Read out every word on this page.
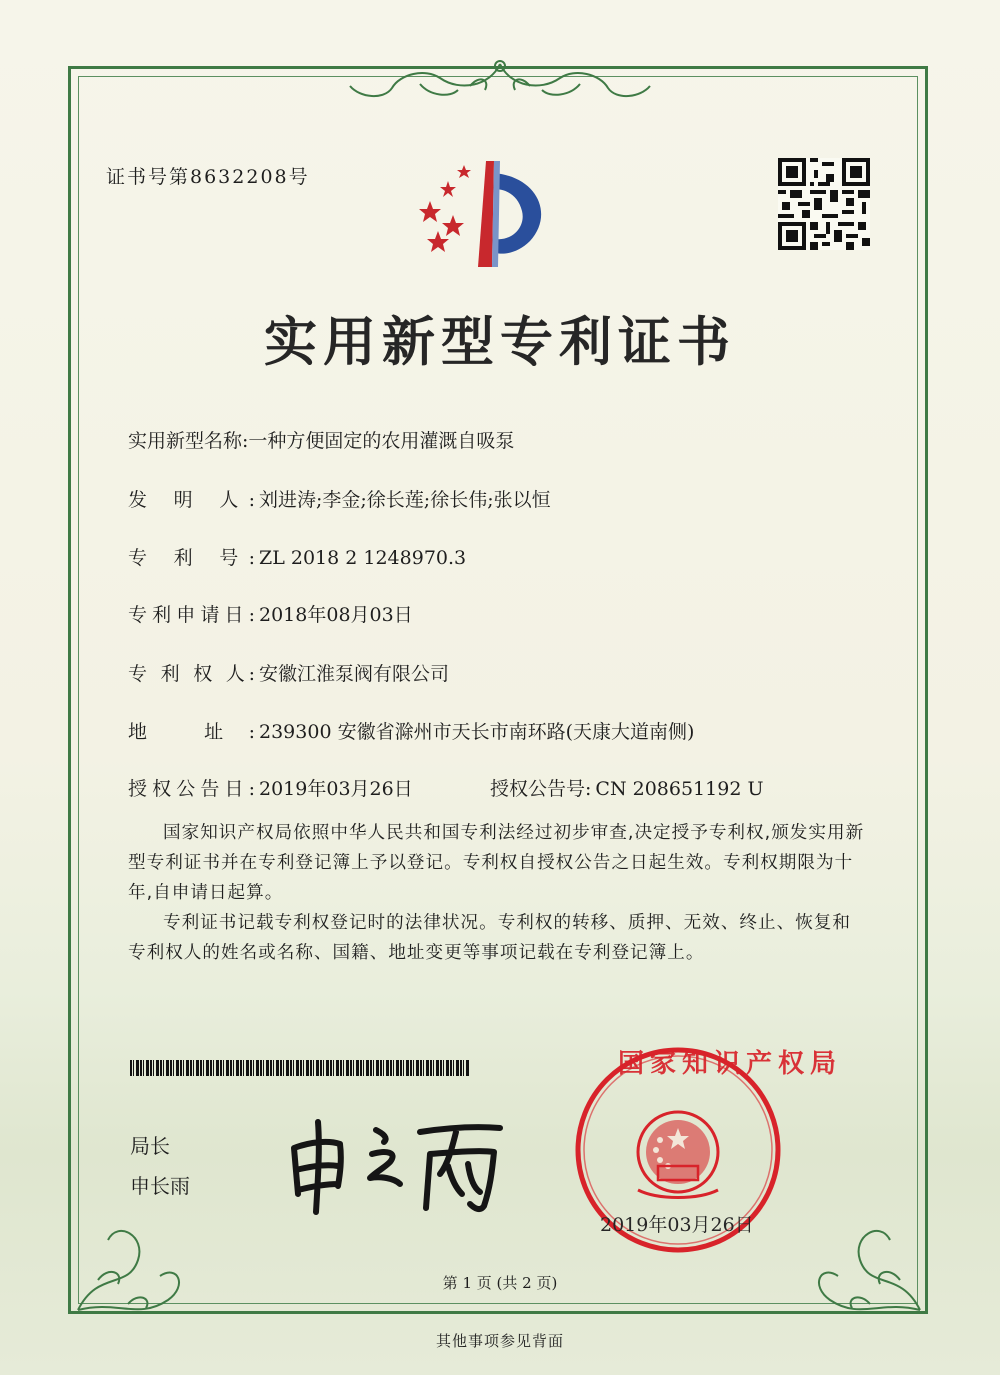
证书号第8632208号
实用新型专利证书
实用新型名称:一种方便固定的农用灌溉自吸泵
发 明 人: 刘进涛;李金;徐长莲;徐长伟;张以恒
专 利 号: ZL 2018 2 1248970.3
专利申请日: 2018年08月03日
专 利 权 人: 安徽江淮泵阀有限公司
地 址: 239300 安徽省滁州市天长市南环路(天康大道南侧)
授权公告日: 2019年03月26日	授权公告号: CN 208651192 U

国家知识产权局依照中华人民共和国专利法经过初步审查,决定授予专利权,颁发实用新型专利证书并在专利登记簿上予以登记。专利权自授权公告之日起生效。专利权期限为十年,自申请日起算。

专利证书记载专利权登记时的法律状况。专利权的转移、质押、无效、终止、恢复和专利权人的姓名或名称、国籍、地址变更等事项记载在专利登记簿上。

局长
申长雨
国家知识产权局
2019年03月26日
第 1 页 (共 2 页)
其他事项参见背面
